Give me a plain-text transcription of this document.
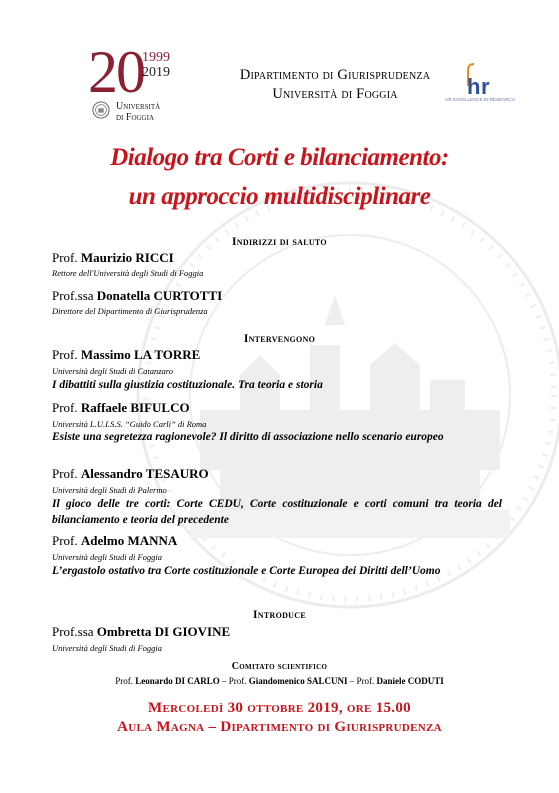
20
1999
2019
Università
di Foggia
Dipartimento di Giurisprudenza
Università di Foggia	h r
HR EXCELLENCE IN RESEARCH
Dialogo tra Corti e bilanciamento:
un approccio multidisciplinare
Indirizzi di saluto
Prof. Maurizio RICCI
Rettore dell'Università degli Studi di Foggia
Prof.ssa Donatella CURTOTTI
Direttore del Dipartimento di Giurisprudenza
Intervengono
Prof. Massimo LA TORRE
Università degli Studi di Catanzaro
I dibattiti sulla giustizia costituzionale. Tra teoria e storia
Prof. Raffaele BIFULCO
Università L.U.I.S.S. “Guido Carli” di Roma
Esiste una segretezza ragionevole? Il diritto di associazione nello scenario europeo
Prof. Alessandro TESAURO
Università degli Studi di Palermo
Il gioco delle tre corti: Corte CEDU, Corte costituzionale e corti comuni tra teoria del bilanciamento e teoria del precedente
Prof. Adelmo MANNA
Università degli Studi di Foggia
L’ergastolo ostativo tra Corte costituzionale e Corte Europea dei Diritti dell’Uomo
Introduce
Prof.ssa Ombretta DI GIOVINE
Università degli Studi di Foggia
Comitato scientifico
Prof. Leonardo DI CARLO – Prof. Giandomenico SALCUNI – Prof. Daniele CODUTI
Mercoledì 30 ottobre 2019, ore 15.00
Aula Magna – Dipartimento di Giurisprudenza
